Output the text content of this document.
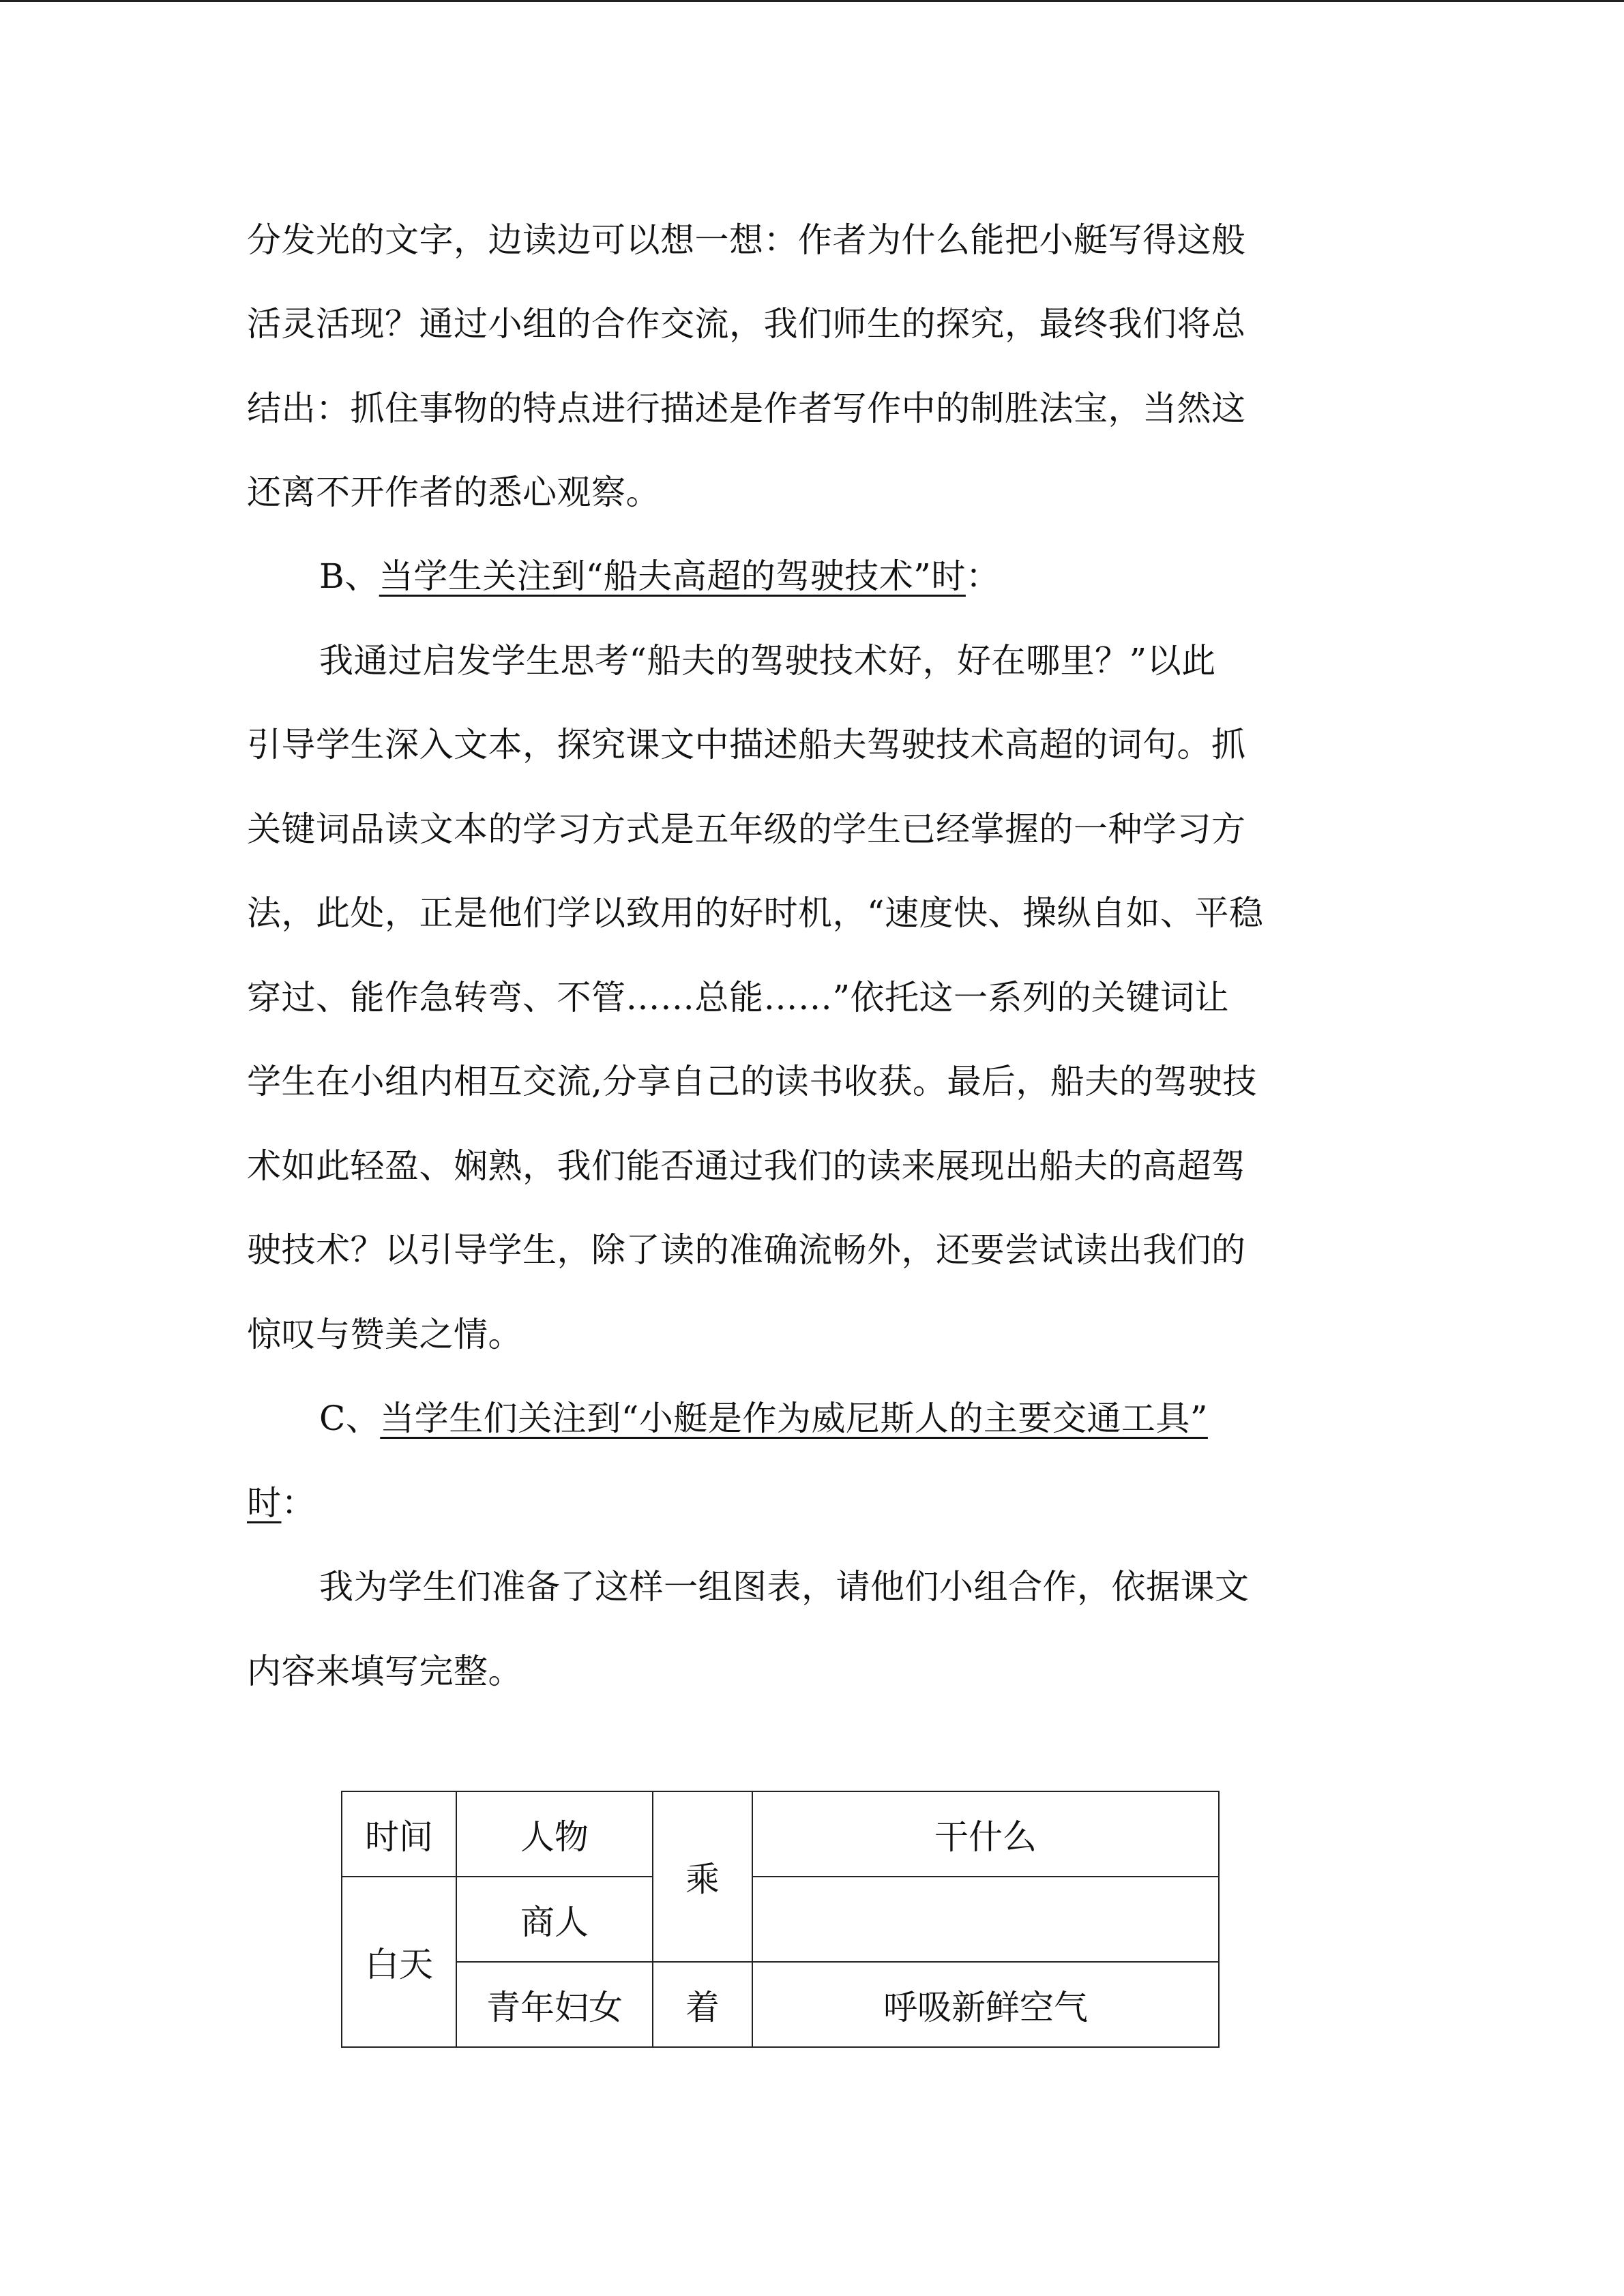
分发光的文字，边读边可以想一想：作者为什么能把小艇写得这般
活灵活现？通过小组的合作交流，我们师生的探究，最终我们将总
结出：抓住事物的特点进行描述是作者写作中的制胜法宝，当然这
还离不开作者的悉心观察。
B、当学生关注到“船夫高超的驾驶技术”时：
我通过启发学生思考“船夫的驾驶技术好，好在哪里？”以此
引导学生深入文本，探究课文中描述船夫驾驶技术高超的词句。抓
关键词品读文本的学习方式是五年级的学生已经掌握的一种学习方
法，此处，正是他们学以致用的好时机，“速度快、操纵自如、平稳
穿过、能作急转弯、不管……总能……”依托这一系列的关键词让
学生在小组内相互交流,分享自己的读书收获。最后，船夫的驾驶技
术如此轻盈、娴熟，我们能否通过我们的读来展现出船夫的高超驾
驶技术？以引导学生，除了读的准确流畅外，还要尝试读出我们的
惊叹与赞美之情。
C、当学生们关注到“小艇是作为威尼斯人的主要交通工具”
时：
我为学生们准备了这样一组图表，请他们小组合作，依据课文
内容来填写完整。
时间	人物	乘	干什么
白天	商人		
	青年妇女	着	呼吸新鲜空气
